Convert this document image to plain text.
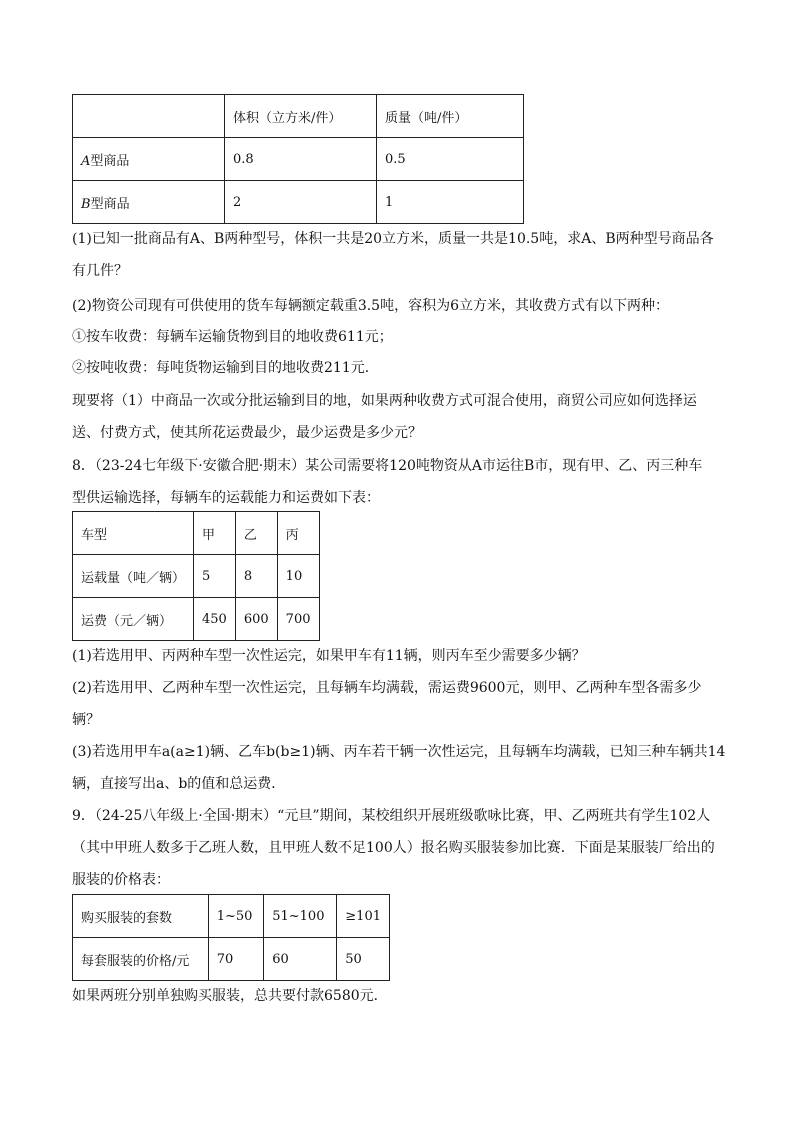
	体积（立方米/件）	质量（吨/件）
A型商品	0.8	0.5
B型商品	2	1
(1)已知一批商品有A、B两种型号，体积一共是20立方米，质量一共是10.5吨，求A、B两种型号商品各
有几件？
(2)物资公司现有可供使用的货车每辆额定载重3.5吨，容积为6立方米，其收费方式有以下两种：
①按车收费：每辆车运输货物到目的地收费611元；
②按吨收费：每吨货物运输到目的地收费211元．
现要将（1）中商品一次或分批运输到目的地，如果两种收费方式可混合使用，商贸公司应如何选择运
送、付费方式，使其所花运费最少，最少运费是多少元？
8．（23-24七年级下·安徽合肥·期末）某公司需要将120吨物资从A市运往B市，现有甲、乙、丙三种车
型供运输选择，每辆车的运载能力和运费如下表：
车型	甲	乙	丙
运载量（吨／辆）	5	8	10
运费（元／辆）	450	600	700
(1)若选用甲、丙两种车型一次性运完，如果甲车有11辆，则丙车至少需要多少辆？
(2)若选用甲、乙两种车型一次性运完，且每辆车均满载，需运费9600元，则甲、乙两种车型各需多少
辆？
(3)若选用甲车a(a≥1)辆、乙车b(b≥1)辆、丙车若干辆一次性运完，且每辆车均满载，已知三种车辆共14
辆，直接写出a、b的值和总运费．
9．（24-25八年级上·全国·期末）“元旦”期间，某校组织开展班级歌咏比赛，甲、乙两班共有学生102人
（其中甲班人数多于乙班人数，且甲班人数不足100人）报名购买服装参加比赛．下面是某服装厂给出的
服装的价格表：
购买服装的套数	1~50	51~100	≥101
每套服装的价格/元	70	60	50
如果两班分别单独购买服装，总共要付款6580元．
